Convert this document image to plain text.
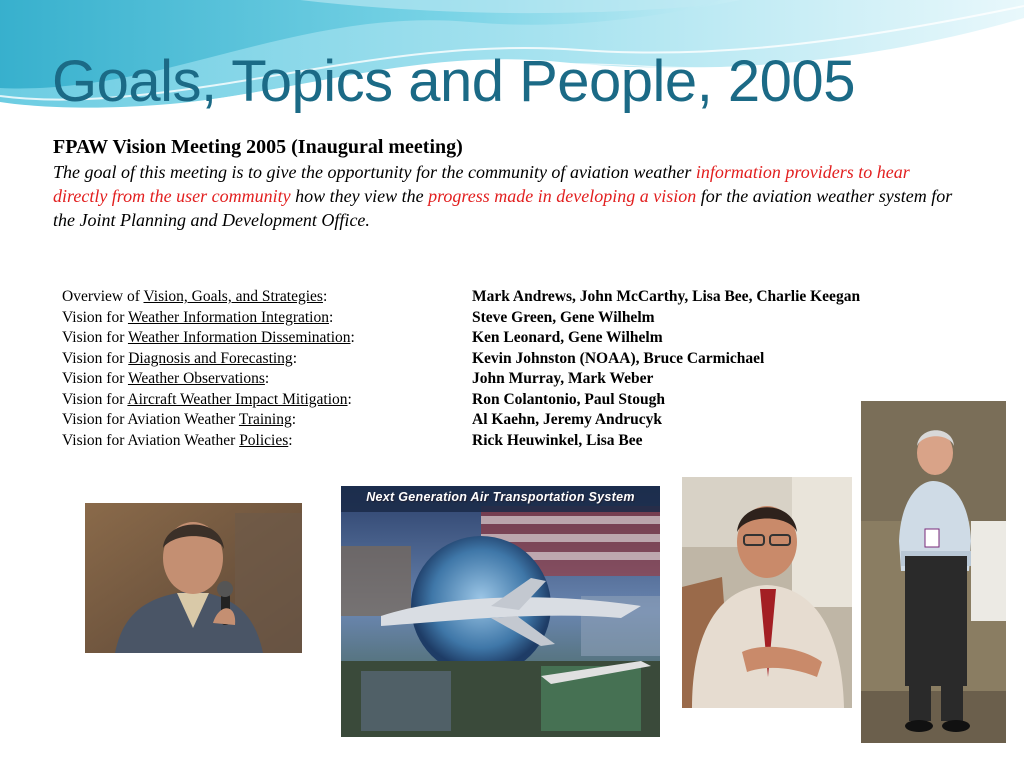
Goals, Topics and People, 2005
FPAW Vision Meeting 2005 (Inaugural meeting)
The goal of this meeting is to give the opportunity for the community of aviation weather information providers to hear directly from the user community how they view the progress made in developing a vision for the aviation weather system for the Joint Planning and Development Office.
Overview of Vision, Goals, and Strategies:	Mark Andrews, John McCarthy, Lisa Bee, Charlie Keegan
Vision for Weather Information Integration:	Steve Green, Gene Wilhelm
Vision for Weather Information Dissemination:	Ken Leonard, Gene Wilhelm
Vision for Diagnosis and Forecasting:	Kevin Johnston (NOAA), Bruce Carmichael
Vision for Weather Observations:	John Murray, Mark Weber
Vision for Aircraft Weather Impact Mitigation:	Ron Colantonio, Paul Stough
Vision for Aviation Weather Training:	Al Kaehn, Jeremy Andrucyk
Vision for Aviation Weather Policies:	Rick Heuwinkel, Lisa Bee
Next Generation Air Transportation System
